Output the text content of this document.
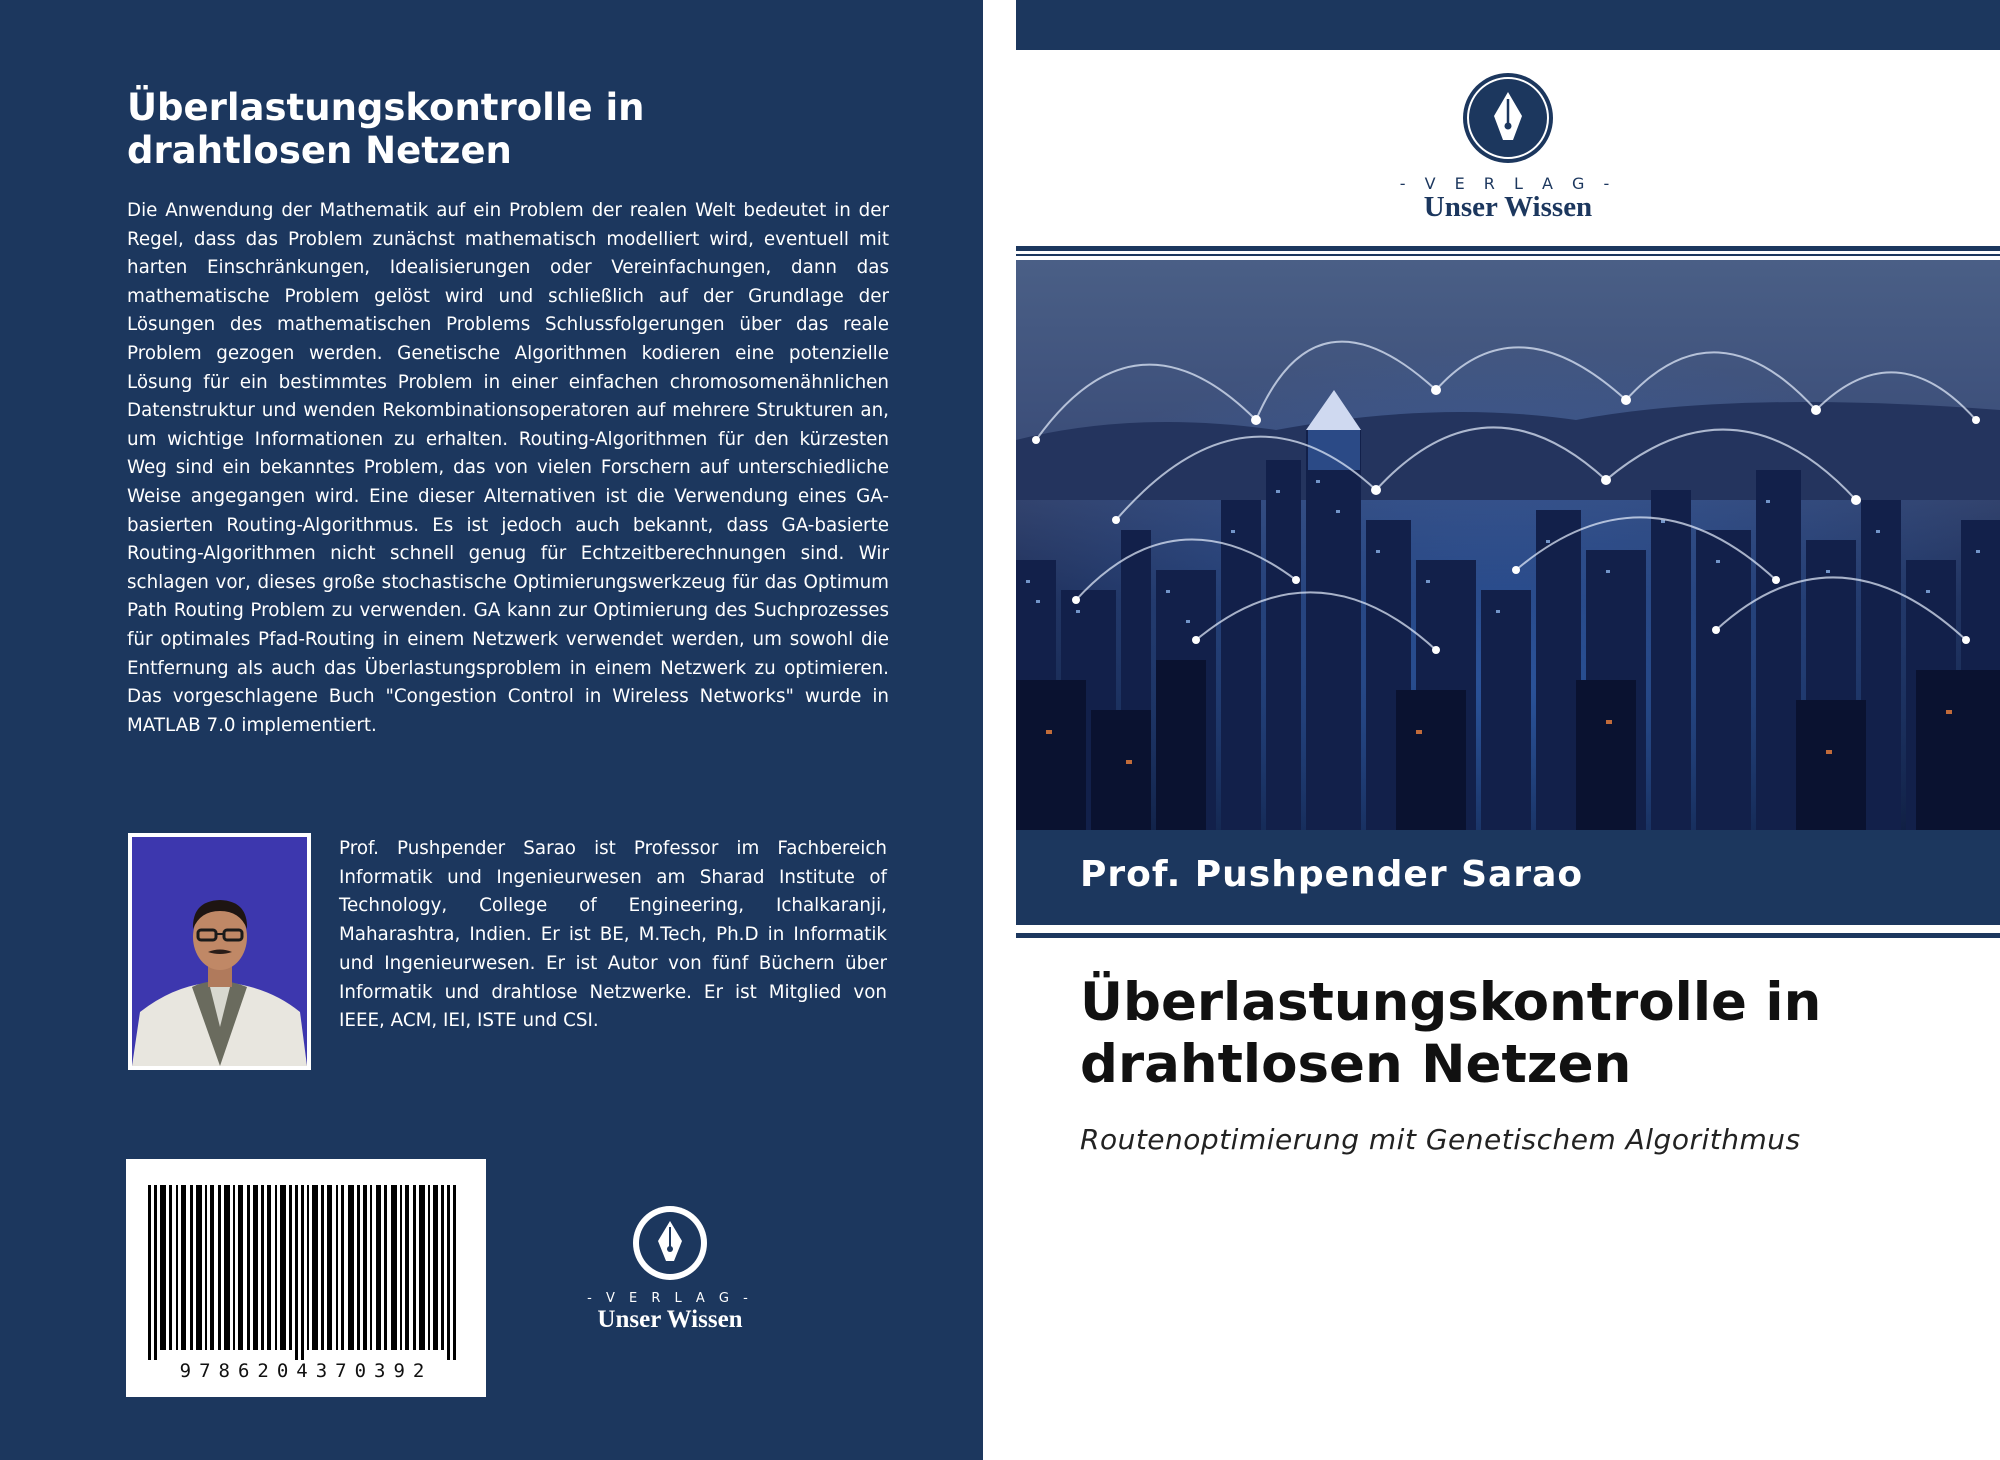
Überlastungskontrolle in drahtlosen Netzen
Die Anwendung der Mathematik auf ein Problem der realen Welt bedeutet in der Regel, dass das Problem zunächst mathematisch modelliert wird, eventuell mit harten Einschränkungen, Idealisierungen oder Vereinfachungen, dann das mathematische Problem gelöst wird und schließlich auf der Grundlage der Lösungen des mathematischen Problems Schlussfolgerungen über das reale Problem gezogen werden. Genetische Algorithmen kodieren eine potenzielle Lösung für ein bestimmtes Problem in einer einfachen chromosomenähnlichen Datenstruktur und wenden Rekombinationsoperatoren auf mehrere Strukturen an, um wichtige Informationen zu erhalten. Routing-Algorithmen für den kürzesten Weg sind ein bekanntes Problem, das von vielen Forschern auf unterschiedliche Weise angegangen wird. Eine dieser Alternativen ist die Verwendung eines GA-basierten Routing-Algorithmus. Es ist jedoch auch bekannt, dass GA-basierte Routing-Algorithmen nicht schnell genug für Echtzeitberechnungen sind. Wir schlagen vor, dieses große stochastische Optimierungswerkzeug für das Optimum Path Routing Problem zu verwenden. GA kann zur Optimierung des Suchprozesses für optimales Pfad-Routing in einem Netzwerk verwendet werden, um sowohl die Entfernung als auch das Überlastungsproblem in einem Netzwerk zu optimieren. Das vorgeschlagene Buch "Congestion Control in Wireless Networks" wurde in MATLAB 7.0 implementiert.
Prof. Pushpender Sarao ist Professor im Fachbereich Informatik und Ingenieurwesen am Sharad Institute of Technology, College of Engineering, Ichalkaranji, Maharashtra, Indien. Er ist BE, M.Tech, Ph.D in Informatik und Ingenieurwesen. Er ist Autor von fünf Büchern über Informatik und drahtlose Netzwerke. Er ist Mitglied von IEEE, ACM, IEI, ISTE und CSI.
9786204370392
- V E R L A G -
Unser Wissen
- V E R L A G -
Unser Wissen
Prof. Pushpender Sarao
Überlastungskontrolle in drahtlosen Netzen
Routenoptimierung mit Genetischem Algorithmus
